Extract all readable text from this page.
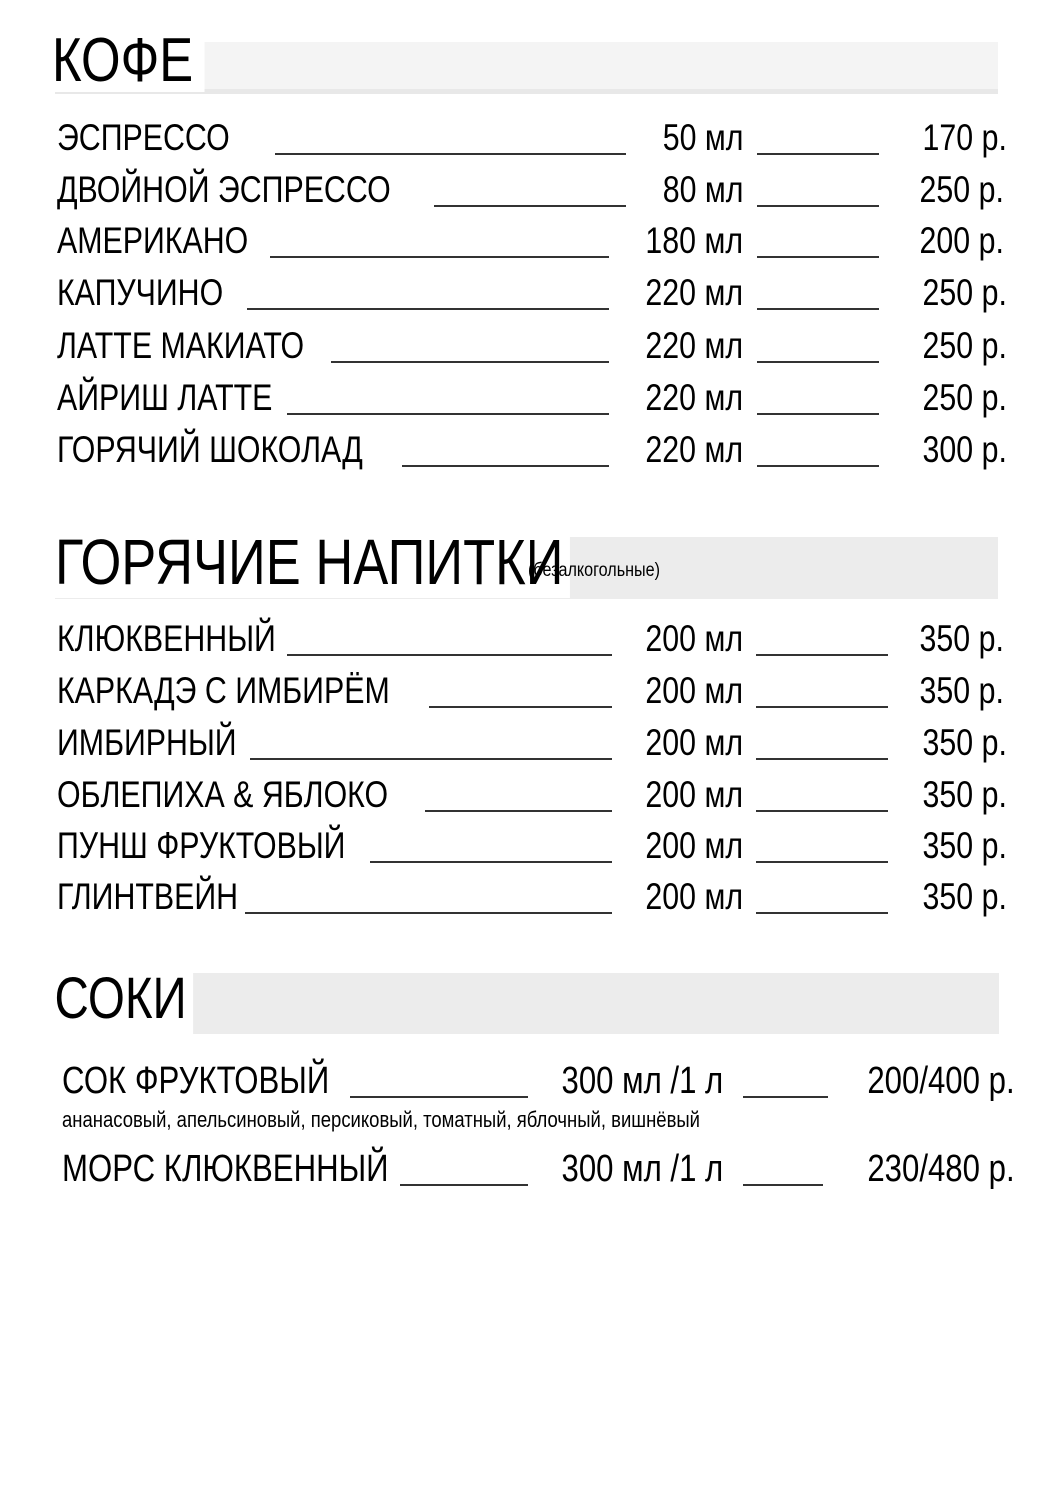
КОФЕ
ЭСПРЕССО	50 мл	170 р.
ДВОЙНОЙ ЭСПРЕССО	80 мл	250 р.
АМЕРИКАНО	180 мл	200 р.
КАПУЧИНО	220 мл	250 р.
ЛАТТЕ МАКИАТО	220 мл	250 р.
АЙРИШ ЛАТТЕ	220 мл	250 р.
ГОРЯЧИЙ ШОКОЛАД	220 мл	300 р.
ГОРЯЧИЕ НАПИТКИ
(безалкогольные)
КЛЮКВЕННЫЙ	200 мл	350 р.
КАРКАДЭ С ИМБИРЁМ	200 мл	350 р.
ИМБИРНЫЙ	200 мл	350 р.
ОБЛЕПИХА & ЯБЛОКО	200 мл	350 р.
ПУНШ ФРУКТОВЫЙ	200 мл	350 р.
ГЛИНТВЕЙН	200 мл	350 р.
СОКИ
СОК ФРУКТОВЫЙ	300 мл /1 л	200/400 р.
ананасовый, апельсиновый, персиковый, томатный, яблочный, вишнёвый
МОРС КЛЮКВЕННЫЙ	300 мл /1 л	230/480 р.
